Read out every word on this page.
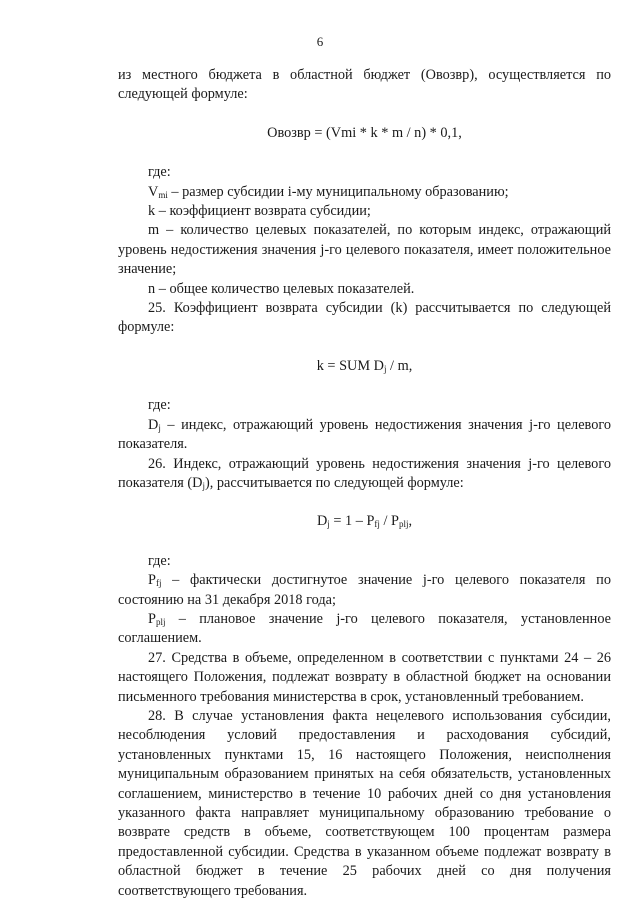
6

из местного бюджета в областной бюджет (Oвозвр), осуществляется по следующей формуле:

Oвозвр = (Vmi * k * m / n) * 0,1,

где:

$V_{mi}$ – размер субсидии i-му муниципальному образованию;

k – коэффициент возврата субсидии;

m – количество целевых показателей, по которым индекс, отражающий уровень недостижения значения j-го целевого показателя, имеет положительное значение;

n – общее количество целевых показателей.

25. Коэффициент возврата субсидии (k) рассчитывается по следующей формуле:

k = SUM $D_j$ / m,

где:

$D_j$ – индекс, отражающий уровень недостижения значения j-го целевого показателя.

26. Индекс, отражающий уровень недостижения значения j-го целевого показателя $(D_j)$, рассчитывается по следующей формуле:

$D_j = 1 - P_{fj} / P_{plj}$,

где:

$P_{fj}$ – фактически достигнутое значение j-го целевого показателя по состоянию на 31 декабря 2018 года;

$P_{plj}$ – плановое значение j-го целевого показателя, установленное соглашением.

27. Средства в объеме, определенном в соответствии с пунктами 24 – 26 настоящего Положения, подлежат возврату в областной бюджет на основании письменного требования министерства в срок, установленный требованием.

28. В случае установления факта нецелевого использования субсидии, несоблюдения условий предоставления и расходования субсидий, установленных пунктами 15, 16 настоящего Положения, неисполнения муниципальным образованием принятых на себя обязательств, установленных соглашением, министерство в течение 10 рабочих дней со дня установления указанного факта направляет муниципальному образованию требование о возврате средств в объеме, соответствующем 100 процентам размера предоставленной субсидии. Средства в указанном объеме подлежат возврату в областной бюджет в течение 25 рабочих дней со дня получения соответствующего требования.
